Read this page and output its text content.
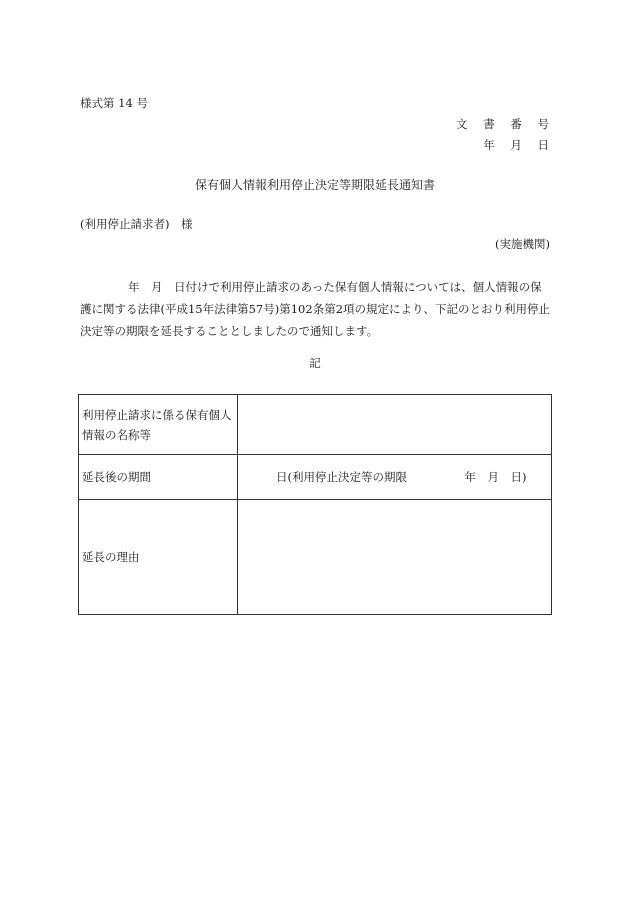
様式第 14 号
文 書 番 号
年 月 日
保有個人情報利用停止決定等期限延長通知書
(利用停止請求者)　様
(実施機関)
年　月　日付けで利用停止請求のあった保有個人情報については、個人情報の保
護に関する法律(平成15年法律第57号)第102条第2項の規定により、下記のとおり利用停止
決定等の期限を延長することとしましたので通知します。
記
利用停止請求に係る保有個人情報の名称等	
延長後の期間	日(利用停止決定等の期限　　　　　年　月　日)
延長の理由	
